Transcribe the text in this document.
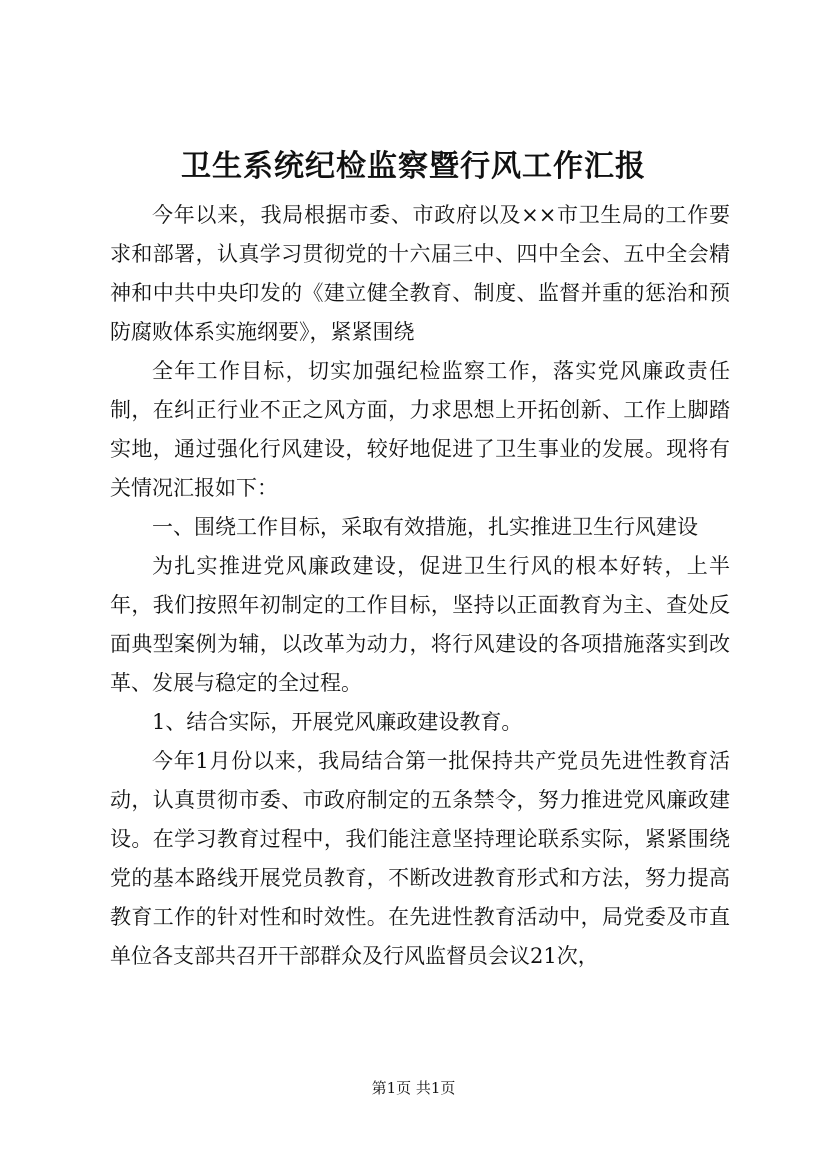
卫生系统纪检监察暨行风工作汇报

今年以来，我局根据市委、市政府以及××市卫生局的工作要求和部署，认真学习贯彻党的十六届三中、四中全会、五中全会精神和中共中央印发的《建立健全教育、制度、监督并重的惩治和预防腐败体系实施纲要》，紧紧围绕

全年工作目标，切实加强纪检监察工作，落实党风廉政责任制，在纠正行业不正之风方面，力求思想上开拓创新、工作上脚踏实地，通过强化行风建设，较好地促进了卫生事业的发展。现将有关情况汇报如下：

一、围绕工作目标，采取有效措施，扎实推进卫生行风建设

为扎实推进党风廉政建设，促进卫生行风的根本好转，上半年，我们按照年初制定的工作目标，坚持以正面教育为主、查处反面典型案例为辅，以改革为动力，将行风建设的各项措施落实到改革、发展与稳定的全过程。

1、结合实际，开展党风廉政建设教育。

今年1月份以来，我局结合第一批保持共产党员先进性教育活动，认真贯彻市委、市政府制定的五条禁令，努力推进党风廉政建设。在学习教育过程中，我们能注意坚持理论联系实际，紧紧围绕党的基本路线开展党员教育，不断改进教育形式和方法，努力提高教育工作的针对性和时效性。在先进性教育活动中，局党委及市直单位各支部共召开干部群众及行风监督员会议21次，

第1页 共1页
